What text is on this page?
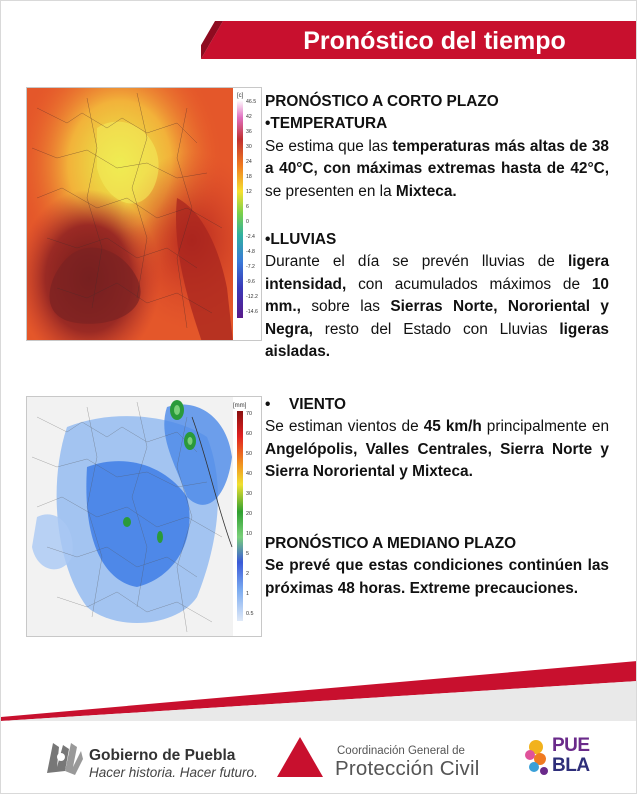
Pronóstico del tiempo
[c]
46.5
42
36
30
24
18
12
6
0
-2.4
-4.8
-7.2
-9.6
-12.2
-14.6
[mm]
70
60
50
40
30
20
10
5
2
1
0.5
PRONÓSTICO A CORTO PLAZO
•TEMPERATURA
Se estima que las temperaturas más altas de 38 a 40°C, con máximas extremas hasta de 42°C, se presenten en la Mixteca.
•LLUVIAS
Durante el día se prevén lluvias de ligera intensidad, con acumulados máximos de 10 mm., sobre las Sierras Norte, Nororiental y Negra, resto del Estado con Lluvias ligeras aisladas.
• VIENTO
Se estiman vientos de 45 km/h principalmente en Angelópolis, Valles Centrales, Sierra Norte y Sierra Nororiental y Mixteca.
PRONÓSTICO A MEDIANO PLAZO
Se prevé que estas condiciones continúen las próximas 48 horas. Extreme precauciones.
Gobierno de Puebla
Hacer historia. Hacer futuro.
Coordinación General de
Protección Civil
PUE
BLA
